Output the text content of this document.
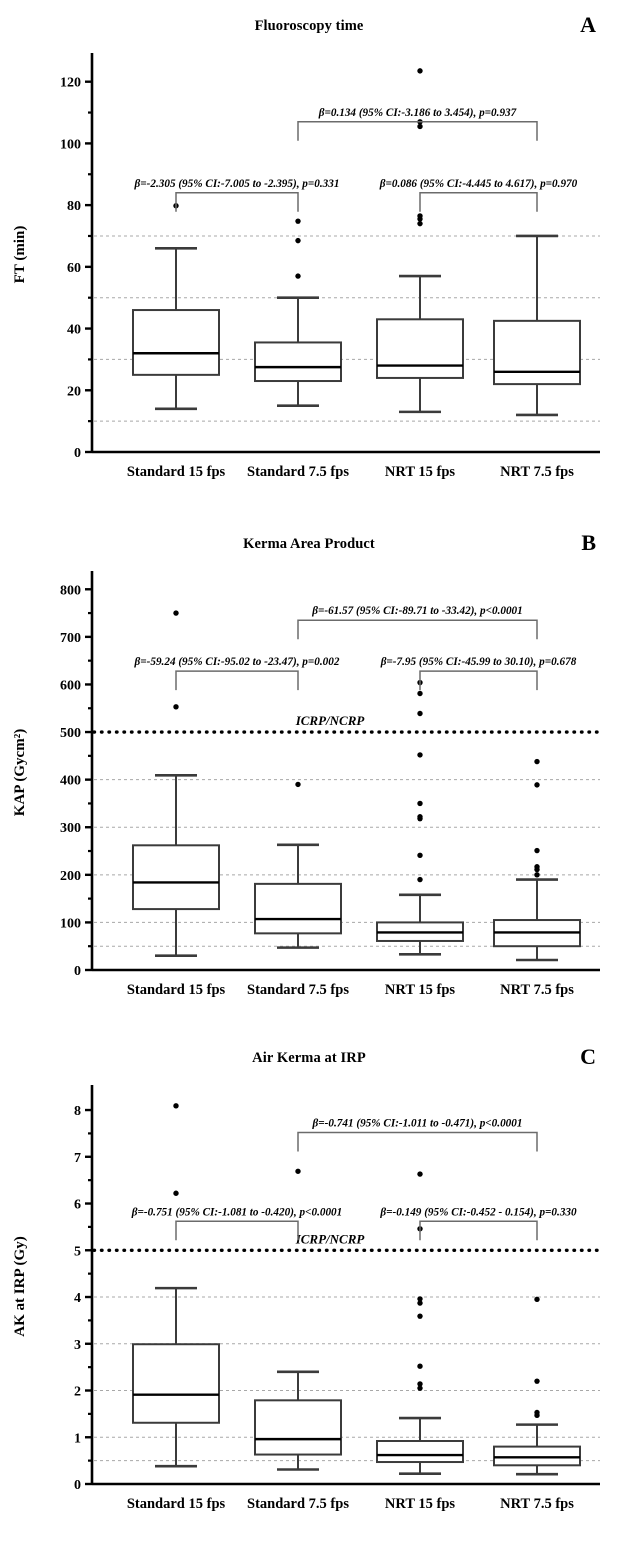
Fluoroscopy time	A
0
20
40
60
80
100
120
FT (min)
Standard 15 fps Standard 7.5 fps NRT 15 fps	NRT 7.5 fps
β=0.134 (95% CI:-3.186 to 3.454), p=0.937
β=-2.305 (95% CI:-7.005 to -2.395), p=0.331	β=0.086 (95% CI:-4.445 to 4.617), p=0.970
Kerma Area Product	B
ICRP/NCRP
0
100
200
300
400
500
600
700
800
KAP (Gycm²)
Standard 15 fps Standard 7.5 fps NRT 15 fps	NRT 7.5 fps
β=-61.57 (95% CI:-89.71 to -33.42), p<0.0001
β=-59.24 (95% CI:-95.02 to -23.47), p=0.002	β=-7.95 (95% CI:-45.99 to 30.10), p=0.678
Air Kerma at IRP	C
ICRP/NCRP
0
1
2
3
4
5
6
7
8
AK at IRP (Gy)
Standard 15 fps Standard 7.5 fps NRT 15 fps	NRT 7.5 fps
β=-0.741 (95% CI:-1.011 to -0.471), p<0.0001
β=-0.751 (95% CI:-1.081 to -0.420), p<0.0001	β=-0.149 (95% CI:-0.452 - 0.154), p=0.330
